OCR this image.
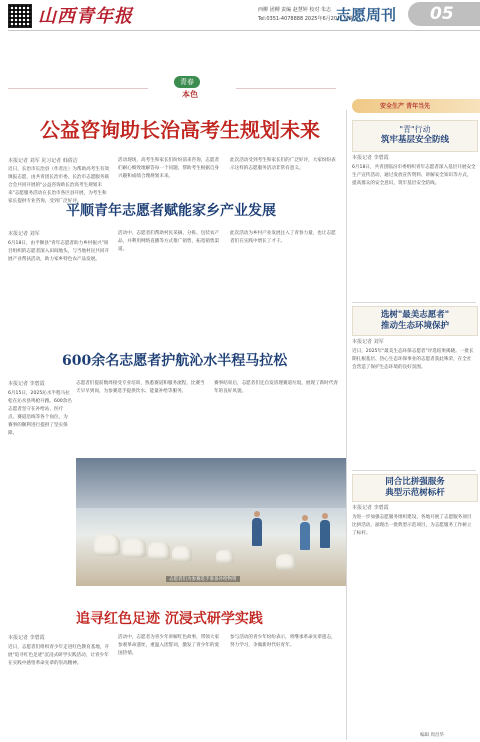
山西青年报	西柳 团柳 责编 赵慧婷 校对 朱志
Tel:0351-4078888 2025年6月20日 星期五
志愿周刊 05
青春
本色
公益咨询助长治高考生规划未来
本报记者 刘军 见习记者 韩倩洁
近日，长治市长治县（作者注）为帮助高考生有效填报志愿，由共青团长治市委、长治市志愿服务联合会共同开展的"公益咨询助长治高考生规划未来"志愿服务活动在长治市各区县开展，为考生和家长提供专业咨询，受到广泛好评。
活动现场，高考生和家长们纷纷前来咨询，志愿者们耐心细致地解答每一个问题，帮助考生根据自身兴趣和成绩合理规划未来。
此次活动受到考生和家长们的广泛好评，大家纷纷表示这样的志愿服务活动非常有意义。
平顺青年志愿者赋能家乡产业发展
本报记者 刘军
6月18日，由平顺县"青年志愿者助力乡村振兴"项目组织的志愿者深入田间地头，与当地村民共同开展产业帮扶活动，助力家乡特色农产品发展。
活动中，志愿者们帮助村民采摘、分拣、包装农产品，并利用网络直播等方式推广销售，拓宽销售渠道。
此次活动为乡村产业发展注入了青春力量，也让志愿者们在实践中增长了才干。
600余名志愿者护航沁水半程马拉松
本报记者 李碧霞
6月15日，2025沁水半程马拉松在沁水县鸣枪开跑。600余名志愿者坚守在补给站、医疗点、赛道沿线等各个岗位，为赛事的顺利进行提供了坚实保障。
志愿者们提前数周接受专业培训，熟悉赛道和服务流程，比赛当天早早到岗，为参赛选手提供饮水、能量补给等服务。
赛事结束后，志愿者们还自发清理赛道垃圾，展现了新时代青年的良好风貌。
志愿者们为参赛选手准备补给物资
追寻红色足迹 沉浸式研学实践
本报记者 李碧霞
近日，志愿者们组织青少年走进红色教育基地，开展"追寻红色足迹"沉浸式研学实践活动，让青少年在实践中感悟革命先辈的崇高精神。
活动中，志愿者为青少年讲解红色故事，带领大家参观革命遗址，重温入团誓词，激发了青少年的爱国热情。
参与活动的青少年纷纷表示，将继承革命先辈遗志，努力学习，争做新时代好青年。
安全生产 青年当先
"青"行动
筑牢基层安全防线
本报记者 李碧霞
6月18日，共青团临汾市委组织青年志愿者深入基层开展安全生产宣传活动，通过发放宣传资料、讲解安全知识等方式，提高群众的安全意识，筑牢基层安全防线。
选树"最美志愿者"
推动生态环境保护
本报记者 刘军
近日，2025年"最美生态环保志愿者"评选结果揭晓。一批长期扎根基层、热心生态环保事业的志愿者获此殊荣，在全社会营造了保护生态环境的良好氛围。
同合比拼强服务
典型示范树标杆
本报记者 李碧霞
为进一步加强志愿服务组织建设，各地开展了志愿服务项目比拼活动，涌现出一批典型示范项目，为志愿服务工作树立了标杆。
编辑 周昌华
